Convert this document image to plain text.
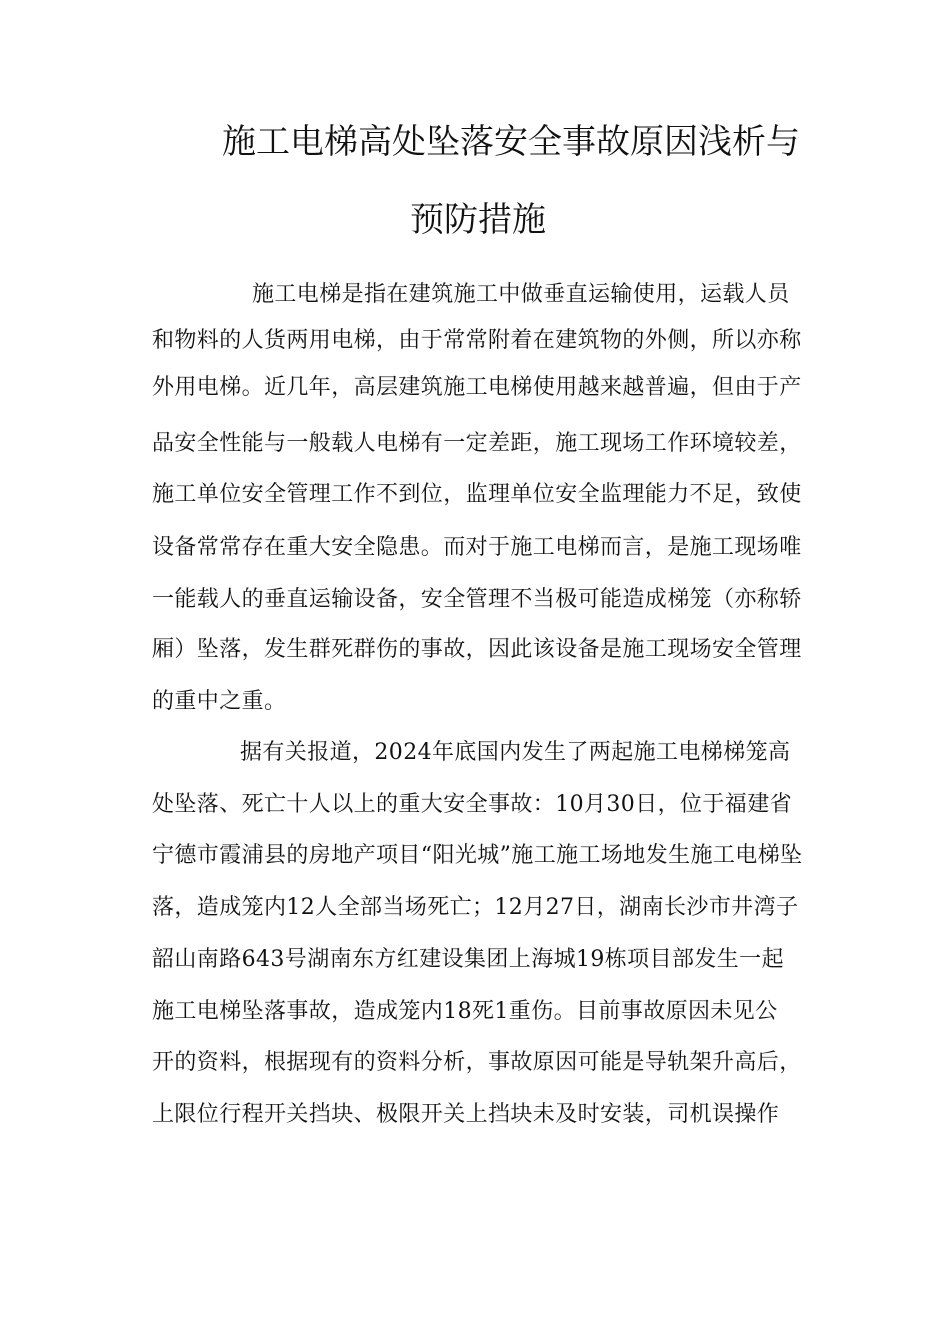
施工电梯高处坠落安全事故原因浅析与
预防措施
施工电梯是指在建筑施工中做垂直运输使用，运载人员
和物料的人货两用电梯，由于常常附着在建筑物的外侧，所以亦称
外用电梯。近几年，高层建筑施工电梯使用越来越普遍，但由于产
品安全性能与一般载人电梯有一定差距，施工现场工作环境较差，
施工单位安全管理工作不到位，监理单位安全监理能力不足，致使
设备常常存在重大安全隐患。而对于施工电梯而言，是施工现场唯
一能载人的垂直运输设备，安全管理不当极可能造成梯笼（亦称轿
厢）坠落，发生群死群伤的事故，因此该设备是施工现场安全管理
的重中之重。
据有关报道，2024年底国内发生了两起施工电梯梯笼高
处坠落、死亡十人以上的重大安全事故：10月30日，位于福建省
宁德市霞浦县的房地产项目“阳光城”施工施工场地发生施工电梯坠
落，造成笼内12人全部当场死亡；12月27日，湖南长沙市井湾子
韶山南路643号湖南东方红建设集团上海城19栋项目部发生一起
施工电梯坠落事故，造成笼内18死1重伤。目前事故原因未见公
开的资料，根据现有的资料分析，事故原因可能是导轨架升高后，
上限位行程开关挡块、极限开关上挡块未及时安装，司机误操作
